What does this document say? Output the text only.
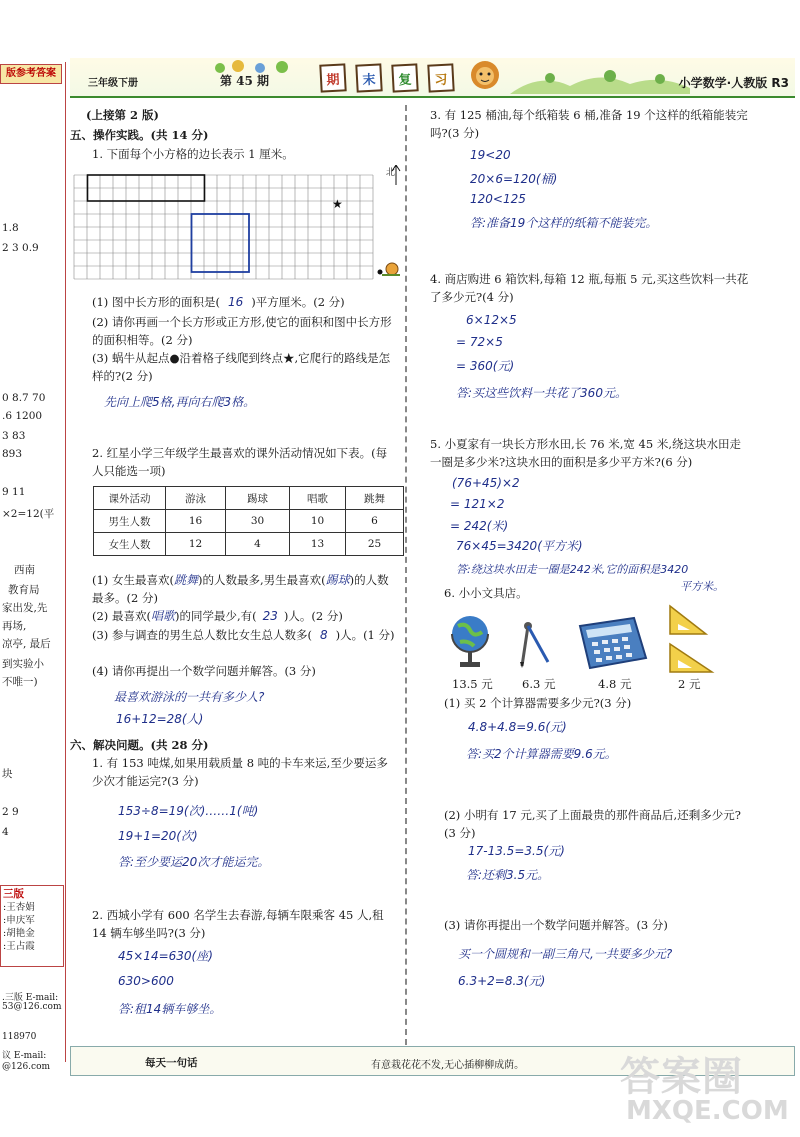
版参考答案
1.8
2 3 0.9
0 8.7 70
.6 1200
3 83
893
9 11
×2=12(平
西南
教育局
家出发,先
再场,
凉亭, 最后
到实验小
不唯一)
块
2 9
4
三版
:王杏娟
:申庆军
:胡艳金
:王占霞
.三版 E-mail:
53@126.com
118970
议 E-mail:
@126.com
三年级下册	第 45 期	期	末	复	习	小学数学·人教版 R3
(上接第 2 版)
五、操作实践。(共 14 分)
1. 下面每个小方格的边长表示 1 厘米。
★
北
(1) 图中长方形的面积是( 16 )平方厘米。(2 分)
(2) 请你再画一个长方形或正方形,使它的面积和图中长方形的面积相等。(2 分)
(3) 蜗牛从起点●沿着格子线爬到终点★,它爬行的路线是怎样的?(2 分)
先向上爬5格,再向右爬3格。
2. 红星小学三年级学生最喜欢的课外活动情况如下表。(每人只能选一项)
课外活动	游泳	踢球	唱歌	跳舞
男生人数	16	30	10	6
女生人数	12	4	13	25
(1) 女生最喜欢(跳舞)的人数最多,男生最喜欢(踢球)的人数最多。(2 分)
(2) 最喜欢(唱歌)的同学最少,有( 23 )人。(2 分)
(3) 参与调查的男生总人数比女生总人数多( 8 )人。(1 分)
(4) 请你再提出一个数学问题并解答。(3 分)
最喜欢游泳的一共有多少人?
16+12=28(人)
六、解决问题。(共 28 分)
1. 有 153 吨煤,如果用载质量 8 吨的卡车来运,至少要运多少次才能运完?(3 分)
153÷8=19(次)……1(吨)
19+1=20(次)
答:至少要运20次才能运完。
2. 西城小学有 600 名学生去春游,每辆车限乘客 45 人,租 14 辆车够坐吗?(3 分)
45×14=630(座)
630>600
答:租14辆车够坐。
3. 有 125 桶油,每个纸箱装 6 桶,准备 19 个这样的纸箱能装完吗?(3 分)
19<20
20×6=120(桶)
120<125
答:准备19个这样的纸箱不能装完。
4. 商店购进 6 箱饮料,每箱 12 瓶,每瓶 5 元,买这些饮料一共花了多少元?(4 分)
6×12×5
= 72×5
= 360(元)
答:买这些饮料一共花了360元。
5. 小夏家有一块长方形水田,长 76 米,宽 45 米,绕这块水田走一圈是多少米?这块水田的面积是多少平方米?(6 分)
(76+45)×2
= 121×2
= 242(米)
76×45=3420(平方米)
答:绕这块水田走一圈是242米,它的面积是3420
平方米。
6. 小小文具店。
13.5 元	6.3 元	4.8 元	2 元
(1) 买 2 个计算器需要多少元?(3 分)
4.8+4.8=9.6(元)
答:买2个计算器需要9.6元。
(2) 小明有 17 元,买了上面最贵的那件商品后,还剩多少元?(3 分)
17-13.5=3.5(元)
答:还剩3.5元。
(3) 请你再提出一个数学问题并解答。(3 分)
买一个圆规和一副三角尺,一共要多少元?
6.3+2=8.3(元)
每天一句话	有意栽花花不发,无心插柳柳成荫。 答案圈
MXQE.COM
